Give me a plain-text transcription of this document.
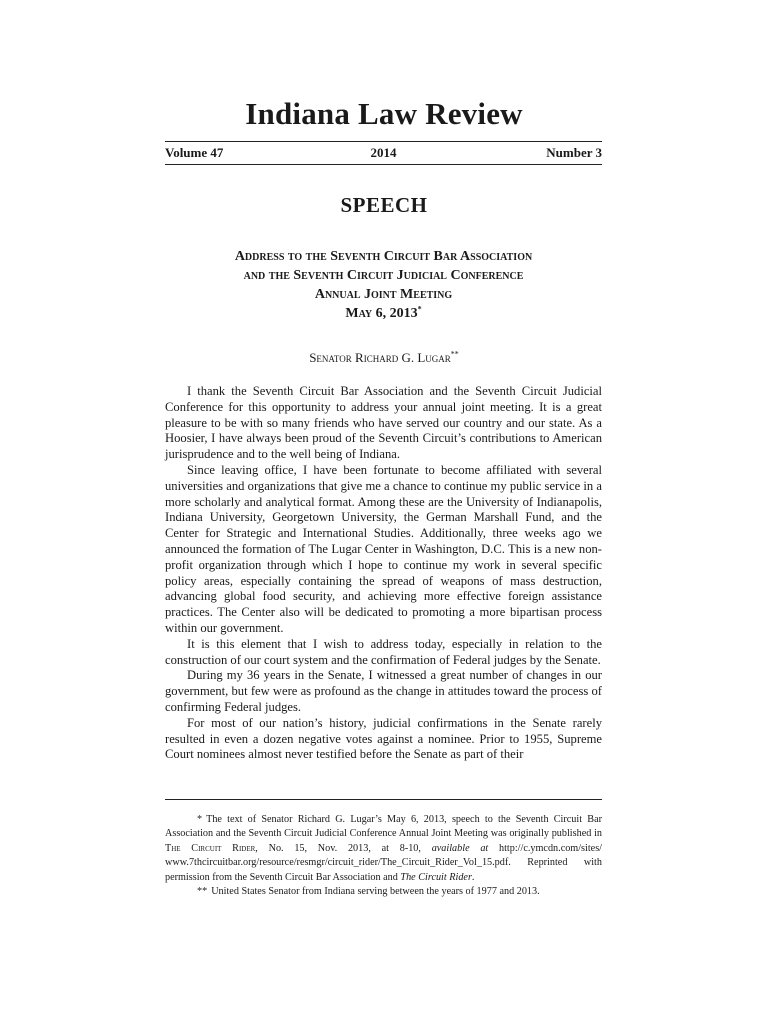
Indiana Law Review
Volume 47	2014	Number 3
SPEECH
Address to the Seventh Circuit Bar Association
and the Seventh Circuit Judicial Conference
Annual Joint Meeting
May 6, 2013*
Senator Richard G. Lugar**

I thank the Seventh Circuit Bar Association and the Seventh Circuit Judicial Conference for this opportunity to address your annual joint meeting. It is a great pleasure to be with so many friends who have served our country and our state. As a Hoosier, I have always been proud of the Seventh Circuit’s contributions to American jurisprudence and to the well being of Indiana.

Since leaving office, I have been fortunate to become affiliated with several universities and organizations that give me a chance to continue my public service in a more scholarly and analytical format. Among these are the University of Indianapolis, Indiana University, Georgetown University, the German Marshall Fund, and the Center for Strategic and International Studies. Additionally, three weeks ago we announced the formation of The Lugar Center in Washington, D.C. This is a new non-profit organization through which I hope to continue my work in several specific policy areas, especially containing the spread of weapons of mass destruction, advancing global food security, and achieving more effective foreign assistance practices. The Center also will be dedicated to promoting a more bipartisan process within our government.

It is this element that I wish to address today, especially in relation to the construction of our court system and the confirmation of Federal judges by the Senate.

During my 36 years in the Senate, I witnessed a great number of changes in our government, but few were as profound as the change in attitudes toward the process of confirming Federal judges.

For most of our nation’s history, judicial confirmations in the Senate rarely resulted in even a dozen negative votes against a nominee. Prior to 1955, Supreme Court nominees almost never testified before the Senate as part of their

* The text of Senator Richard G. Lugar’s May 6, 2013, speech to the Seventh Circuit Bar Association and the Seventh Circuit Judicial Conference Annual Joint Meeting was originally published in The Circuit Rider, No. 15, Nov. 2013, at 8-10, available at http://c.ymcdn.com/sites/ www.7thcircuitbar.org/resource/resmgr/circuit_rider/The_Circuit_Rider_Vol_15.pdf. Reprinted with permission from the Seventh Circuit Bar Association and The Circuit Rider.

** United States Senator from Indiana serving between the years of 1977 and 2013.
